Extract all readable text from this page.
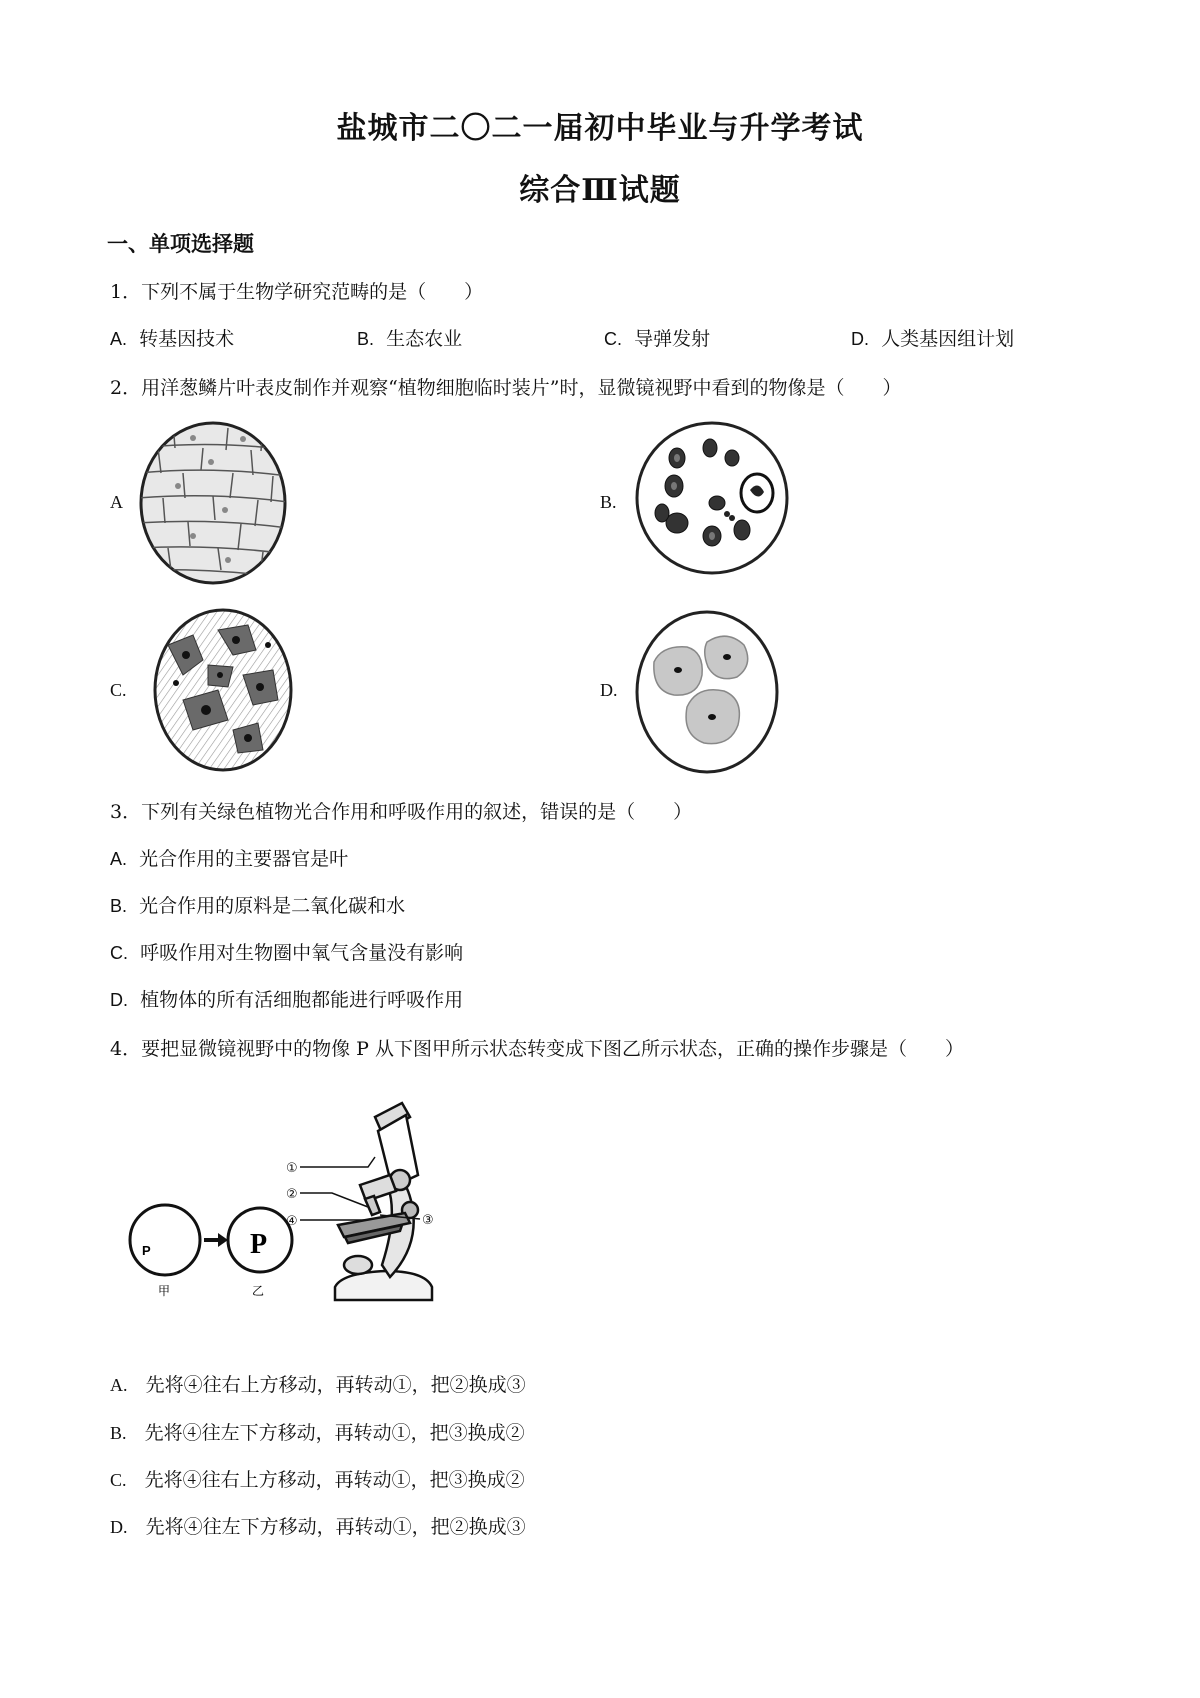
盐城市二〇二一届初中毕业与升学考试
综合Ⅲ试题
一、单项选择题
1．下列不属于生物学研究范畴的是（　　）
A. 转基因技术	B. 生态农业	C. 导弹发射	D. 人类基因组计划
2．用洋葱鳞片叶表皮制作并观察“植物细胞临时装片”时，显微镜视野中看到的物像是（　　）
A	B.
C.	D.
3．下列有关绿色植物光合作用和呼吸作用的叙述，错误的是（　　）
A. 光合作用的主要器官是叶
B. 光合作用的原料是二氧化碳和水
C. 呼吸作用对生物圈中氧气含量没有影响
D. 植物体的所有活细胞都能进行呼吸作用
4．要把显微镜视野中的物像 P 从下图甲所示状态转变成下图乙所示状态，正确的操作步骤是（　　）
P
甲
P
乙
①
②
④	③
A. 先将④往右上方移动，再转动①，把②换成③
B. 先将④往左下方移动，再转动①，把③换成②
C. 先将④往右上方移动，再转动①，把③换成②
D. 先将④往左下方移动，再转动①，把②换成③
